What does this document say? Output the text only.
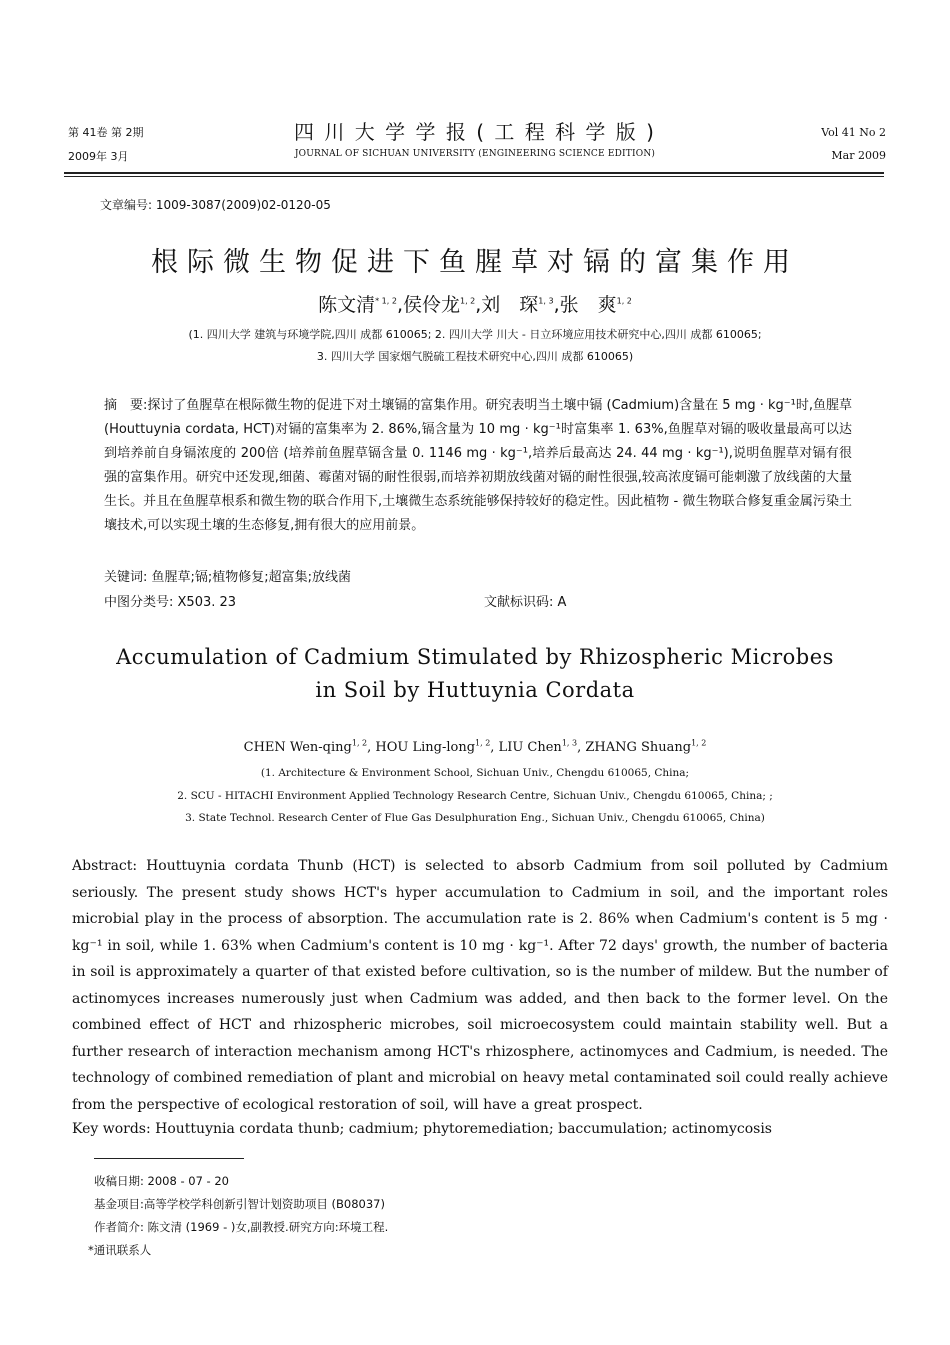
第 41卷 第 2期
2009年 3月
四 川 大 学 学 报 ( 工 程 科 学 版 )
JOURNAL OF SICHUAN UNIVERSITY (ENGINEERING SCIENCE EDITION)
Vol 41 No 2
Mar 2009
文章编号: 1009-3087(2009)02-0120-05
根际微生物促进下鱼腥草对镉的富集作用
陈文清$^{* 1, 2}$,侯伶龙$^{1, 2}$,刘　琛$^{1, 3}$,张　爽$^{1, 2}$
(1. 四川大学 建筑与环境学院,四川 成都 610065; 2. 四川大学 川大 - 日立环境应用技术研究中心,四川 成都 610065;
3. 四川大学 国家烟气脱硫工程技术研究中心,四川 成都 610065)
摘　要:探讨了鱼腥草在根际微生物的促进下对土壤镉的富集作用。研究表明当土壤中镉 (Cadmium)含量在 5 mg · kg⁻¹时,鱼腥草 (Houttuynia cordata, HCT)对镉的富集率为 2. 86%,镉含量为 10 mg · kg⁻¹时富集率 1. 63%,鱼腥草对镉的吸收量最高可以达到培养前自身镉浓度的 200倍 (培养前鱼腥草镉含量 0. 1146 mg · kg⁻¹,培养后最高达 24. 44 mg · kg⁻¹),说明鱼腥草对镉有很强的富集作用。研究中还发现,细菌、霉菌对镉的耐性很弱,而培养初期放线菌对镉的耐性很强,较高浓度镉可能刺激了放线菌的大量生长。并且在鱼腥草根系和微生物的联合作用下,土壤微生态系统能够保持较好的稳定性。因此植物 - 微生物联合修复重金属污染土壤技术,可以实现土壤的生态修复,拥有很大的应用前景。
关键词: 鱼腥草;镉;植物修复;超富集;放线菌
中图分类号: X503. 23	文献标识码: A
Accumulation of Cadmium Stimulated by Rhizospheric Microbes
in Soil by Huttuynia Cordata
CHEN Wen-qing$^{1, 2}$, HOU Ling-long$^{1, 2}$, LIU Chen$^{1, 3}$, ZHANG Shuang$^{1, 2}$
(1. Architecture & Environment School, Sichuan Univ., Chengdu 610065, China;
2. SCU - HITACHI Environment Applied Technology Research Centre, Sichuan Univ., Chengdu 610065, China; ;
3. State Technol. Research Center of Flue Gas Desulphuration Eng., Sichuan Univ., Chengdu 610065, China)
Abstract: Houttuynia cordata Thunb (HCT) is selected to absorb Cadmium from soil polluted by Cadmium seriously. The present study shows HCT's hyper accumulation to Cadmium in soil, and the important roles microbial play in the process of absorption. The accumulation rate is 2. 86% when Cadmium's content is 5 mg · kg⁻¹ in soil, while 1. 63% when Cadmium's content is 10 mg · kg⁻¹. After 72 days' growth, the number of bacteria in soil is approximately a quarter of that existed before cultivation, so is the number of mildew. But the number of actinomyces increases numerously just when Cadmium was added, and then back to the former level. On the combined effect of HCT and rhizospheric microbes, soil microecosystem could maintain stability well. But a further research of interaction mechanism among HCT's rhizosphere, actinomyces and Cadmium, is needed. The technology of combined remediation of plant and microbial on heavy metal contaminated soil could really achieve from the perspective of ecological restoration of soil, will have a great prospect.
Key words: Houttuynia cordata thunb; cadmium; phytoremediation; baccumulation; actinomycosis
收稿日期: 2008 - 07 - 20
基金项目:高等学校学科创新引智计划资助项目 (B08037)
作者简介: 陈文清 (1969 - )女,副教授.研究方向:环境工程.
*通讯联系人
